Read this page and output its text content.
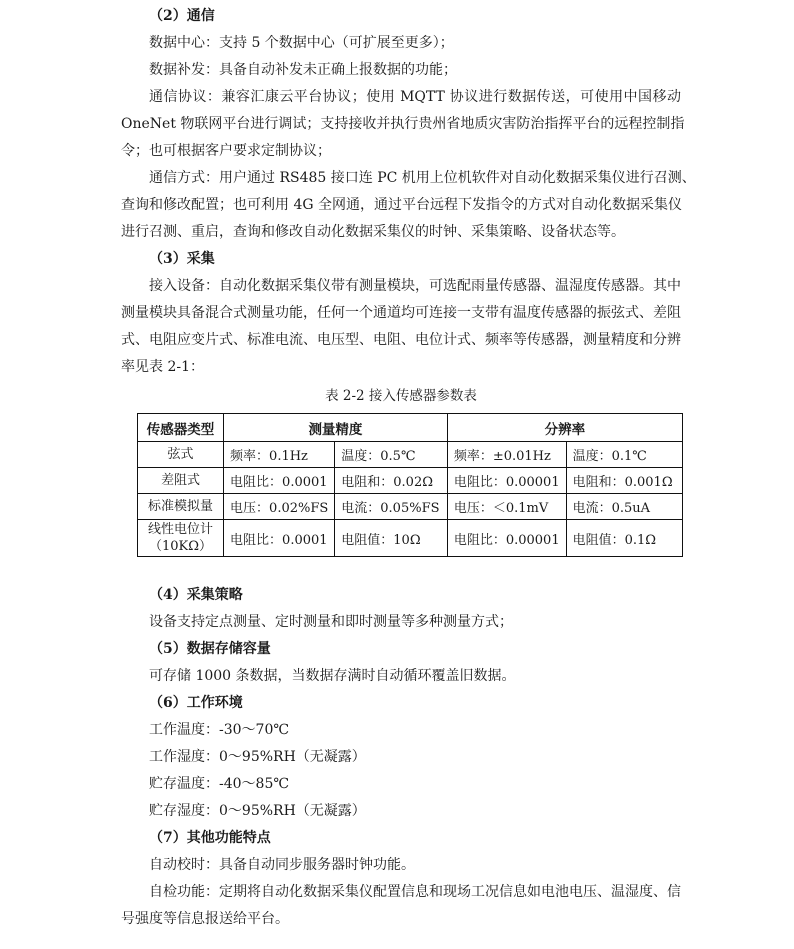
（2）通信
数据中心：支持 5 个数据中心（可扩展至更多）；
数据补发：具备自动补发未正确上报数据的功能；
通信协议：兼容汇康云平台协议；使用 MQTT 协议进行数据传送，可使用中国移动
OneNet 物联网平台进行调试；支持接收并执行贵州省地质灾害防治指挥平台的远程控制指
令；也可根据客户要求定制协议；
通信方式：用户通过 RS485 接口连 PC 机用上位机软件对自动化数据采集仪进行召测、
查询和修改配置；也可利用 4G 全网通，通过平台远程下发指令的方式对自动化数据采集仪
进行召测、重启，查询和修改自动化数据采集仪的时钟、采集策略、设备状态等。
（3）采集
接入设备：自动化数据采集仪带有测量模块，可选配雨量传感器、温湿度传感器。其中
测量模块具备混合式测量功能，任何一个通道均可连接一支带有温度传感器的振弦式、差阻
式、电阻应变片式、标准电流、电压型、电阻、电位计式、频率等传感器，测量精度和分辨
率见表 2-1：
表 2-2 接入传感器参数表
传感器类型	测量精度		分辨率	
弦式	频率：0.1Hz	温度：0.5℃	频率：±0.01Hz	温度：0.1℃
差阻式	电阻比：0.0001	电阻和：0.02Ω	电阻比：0.00001	电阻和：0.001Ω
标准模拟量	电压：0.02%FS	电流：0.05%FS	电压：＜0.1mV	电流：0.5uA

线性电位计
（10KΩ）	电阻比：0.0001	电阻值：10Ω	电阻比：0.00001	电阻值：0.1Ω
（4）采集策略
设备支持定点测量、定时测量和即时测量等多种测量方式；
（5）数据存储容量
可存储 1000 条数据，当数据存满时自动循环覆盖旧数据。
（6）工作环境
工作温度：-30～70℃
工作湿度：0～95%RH（无凝露）
贮存温度：-40～85℃
贮存湿度：0～95%RH（无凝露）
（7）其他功能特点
自动校时：具备自动同步服务器时钟功能。
自检功能：定期将自动化数据采集仪配置信息和现场工况信息如电池电压、温湿度、信
号强度等信息报送给平台。
